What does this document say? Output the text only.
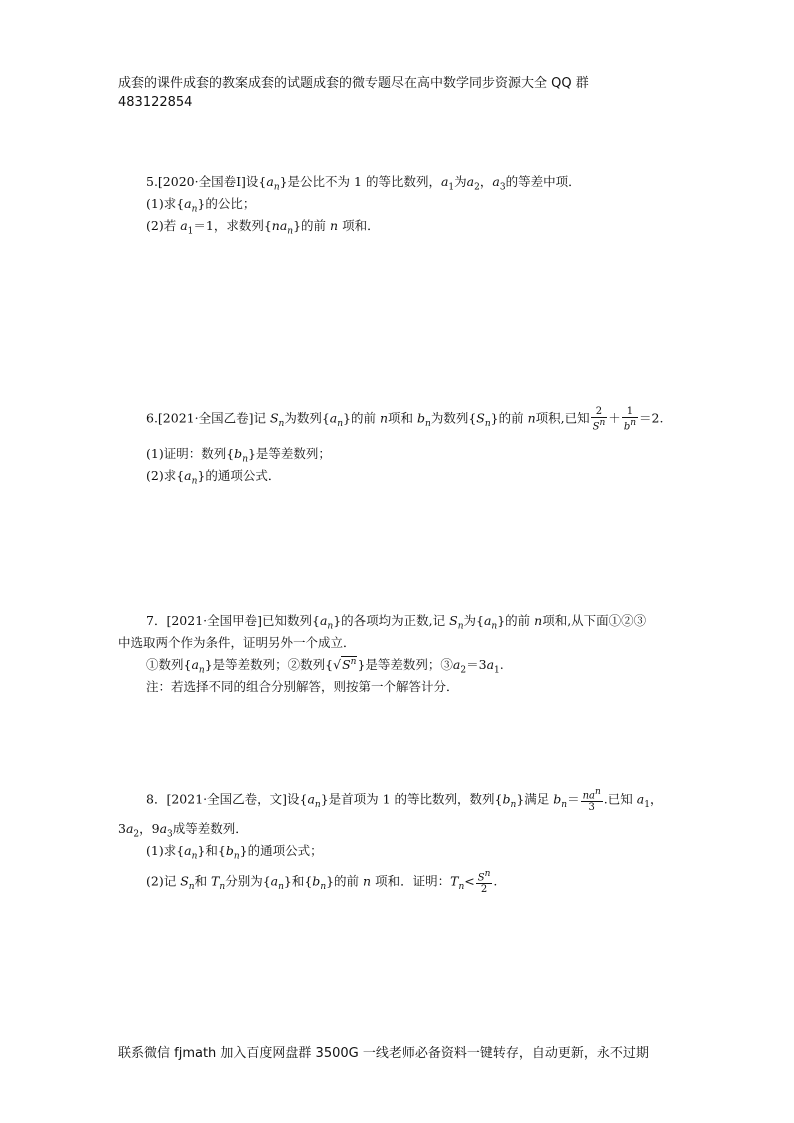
成套的课件成套的教案成套的试题成套的微专题尽在高中数学同步资源大全 QQ 群
483122854
5.[2020·全国卷Ⅰ]设$\{a_n\}$是公比不为 1 的等比数列，$a_1$为$a_2$，$a_3$的等差中项．
(1)求$\{a_n\}$的公比；
(2)若 $a_1=1$，求数列$\{na_n\}$的前 n 项和．
6.[2021·全国乙卷]记 $S_n$为数列$\{a_n\}$的前 n项和 $b_n$为数列$\{S_n\}$的前 n项积,已知 $\frac{2}{S^n} + \frac{1}{b^n} =2$.
(1)证明：数列$\{b_n\}$是等差数列；
(2)求$\{a_n\}$的通项公式．
7．[2021·全国甲卷]已知数列$\{a_n\}$的各项均为正数,记 $S_n$为$\{a_n\}$的前 n项和,从下面①②③
中选取两个作为条件，证明另外一个成立．
①数列$\{a_n\}$是等差数列；②数列$\{√S^n\}$是等差数列；$③a_2=3a_1$.
注：若选择不同的组合分别解答，则按第一个解答计分．
8．[2021·全国乙卷，文]设$\{a_n\}$是首项为 1 的等比数列，数列$\{b_n\}$满足 $b_n= \frac{na^n}{3}$ .已知 $a_1$，
$3a_2$，$9a_3$成等差数列．
(1)求$\{a_n\}$和$\{b_n\}$的通项公式；
(2)记 $S_n$和 $T_n$分别为$\{a_n\}$和$\{b_n\}$的前 n 项和．证明：$T_n< \frac{S^n}{2}$ .
联系微信 fjmath 加入百度网盘群 3500G 一线老师必备资料一键转存，自动更新，永不过期
